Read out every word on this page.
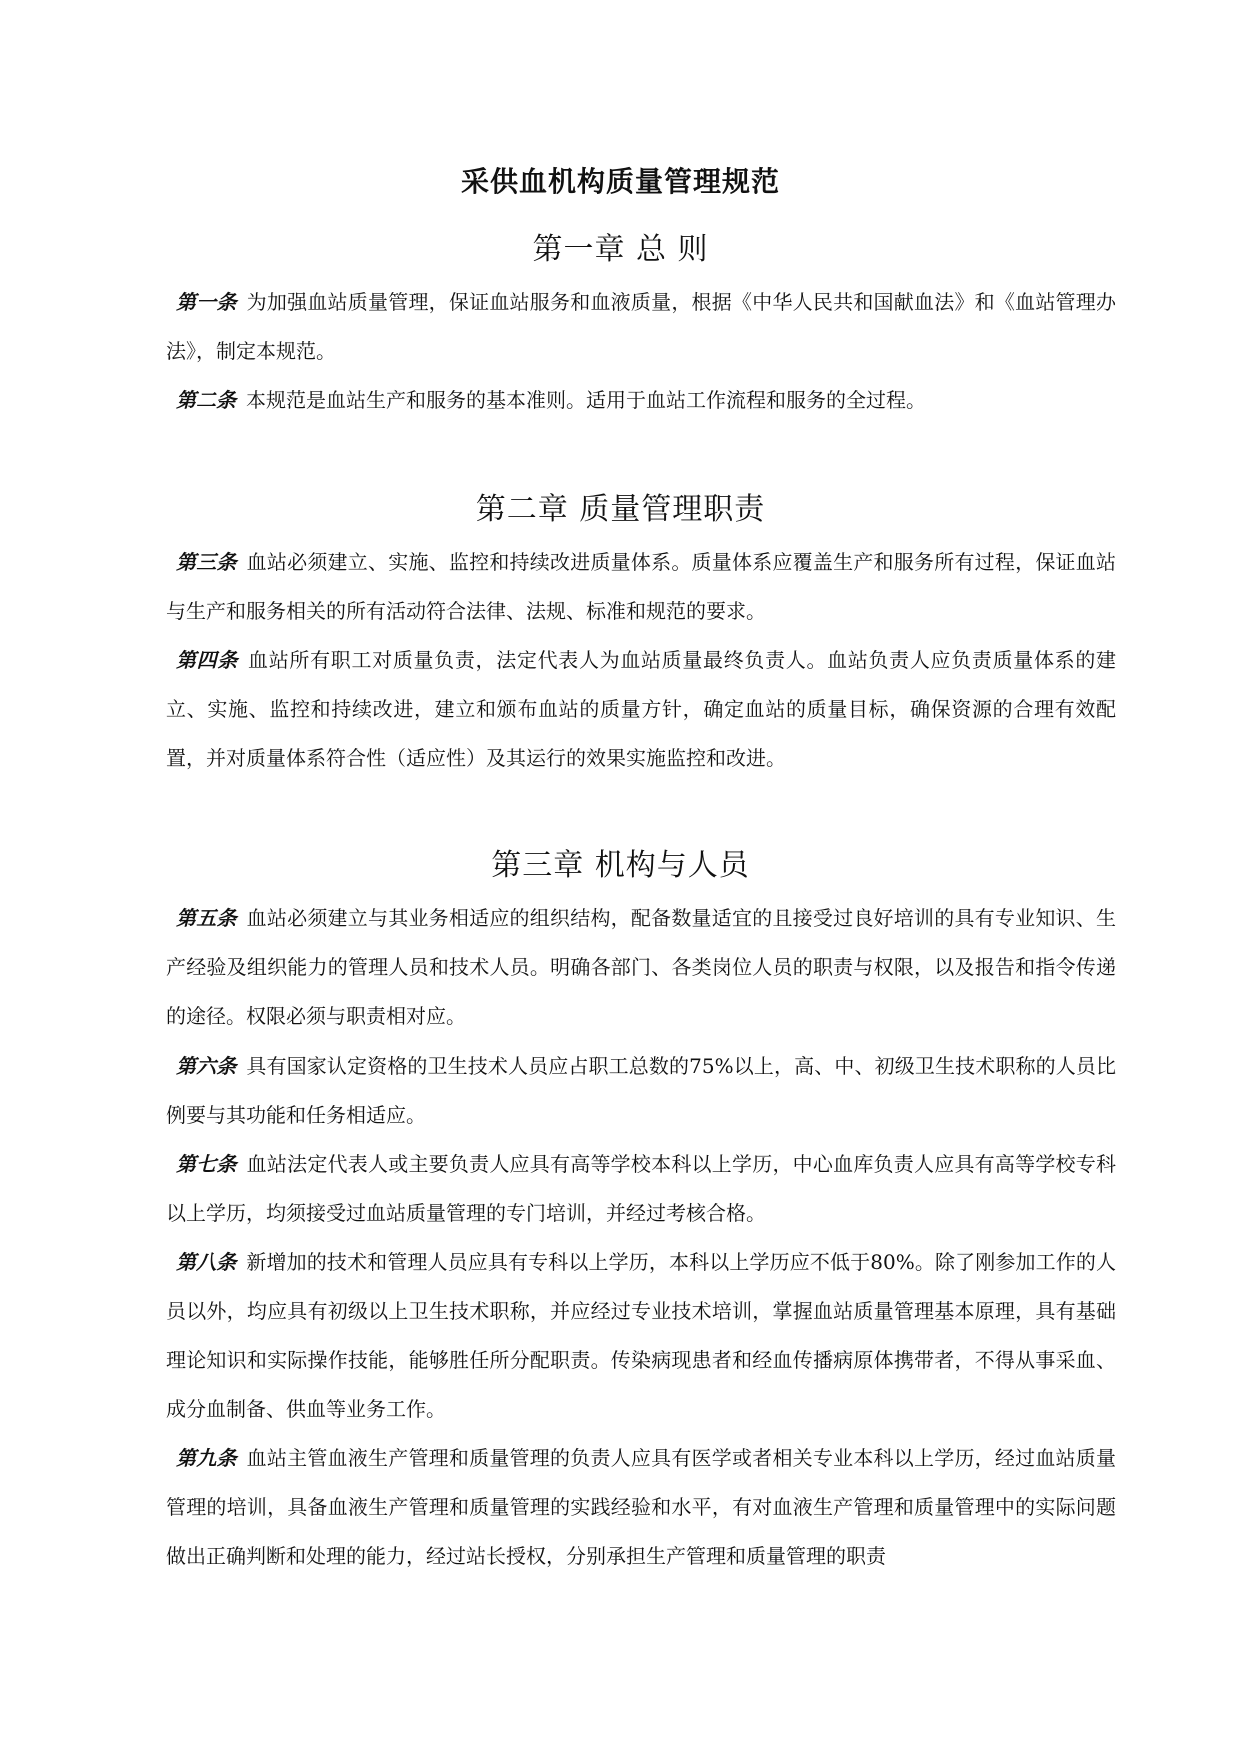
采供血机构质量管理规范
第一章 总 则

第一条 为加强血站质量管理，保证血站服务和血液质量，根据《中华人民共和国献血法》和《血站管理办法》，制定本规范。

第二条 本规范是血站生产和服务的基本准则。适用于血站工作流程和服务的全过程。

第二章 质量管理职责

第三条 血站必须建立、实施、监控和持续改进质量体系。质量体系应覆盖生产和服务所有过程，保证血站与生产和服务相关的所有活动符合法律、法规、标准和规范的要求。

第四条 血站所有职工对质量负责，法定代表人为血站质量最终负责人。血站负责人应负责质量体系的建立、实施、监控和持续改进，建立和颁布血站的质量方针，确定血站的质量目标，确保资源的合理有效配置，并对质量体系符合性（适应性）及其运行的效果实施监控和改进。

第三章 机构与人员

第五条 血站必须建立与其业务相适应的组织结构，配备数量适宜的且接受过良好培训的具有专业知识、生产经验及组织能力的管理人员和技术人员。明确各部门、各类岗位人员的职责与权限，以及报告和指令传递的途径。权限必须与职责相对应。

第六条 具有国家认定资格的卫生技术人员应占职工总数的75%以上，高、中、初级卫生技术职称的人员比例要与其功能和任务相适应。

第七条 血站法定代表人或主要负责人应具有高等学校本科以上学历，中心血库负责人应具有高等学校专科以上学历，均须接受过血站质量管理的专门培训，并经过考核合格。

第八条 新增加的技术和管理人员应具有专科以上学历，本科以上学历应不低于80%。除了刚参加工作的人员以外，均应具有初级以上卫生技术职称，并应经过专业技术培训，掌握血站质量管理基本原理，具有基础理论知识和实际操作技能，能够胜任所分配职责。传染病现患者和经血传播病原体携带者，不得从事采血、成分血制备、供血等业务工作。

第九条 血站主管血液生产管理和质量管理的负责人应具有医学或者相关专业本科以上学历，经过血站质量管理的培训，具备血液生产管理和质量管理的实践经验和水平，有对血液生产管理和质量管理中的实际问题做出正确判断和处理的能力，经过站长授权，分别承担生产管理和质量管理的职责
